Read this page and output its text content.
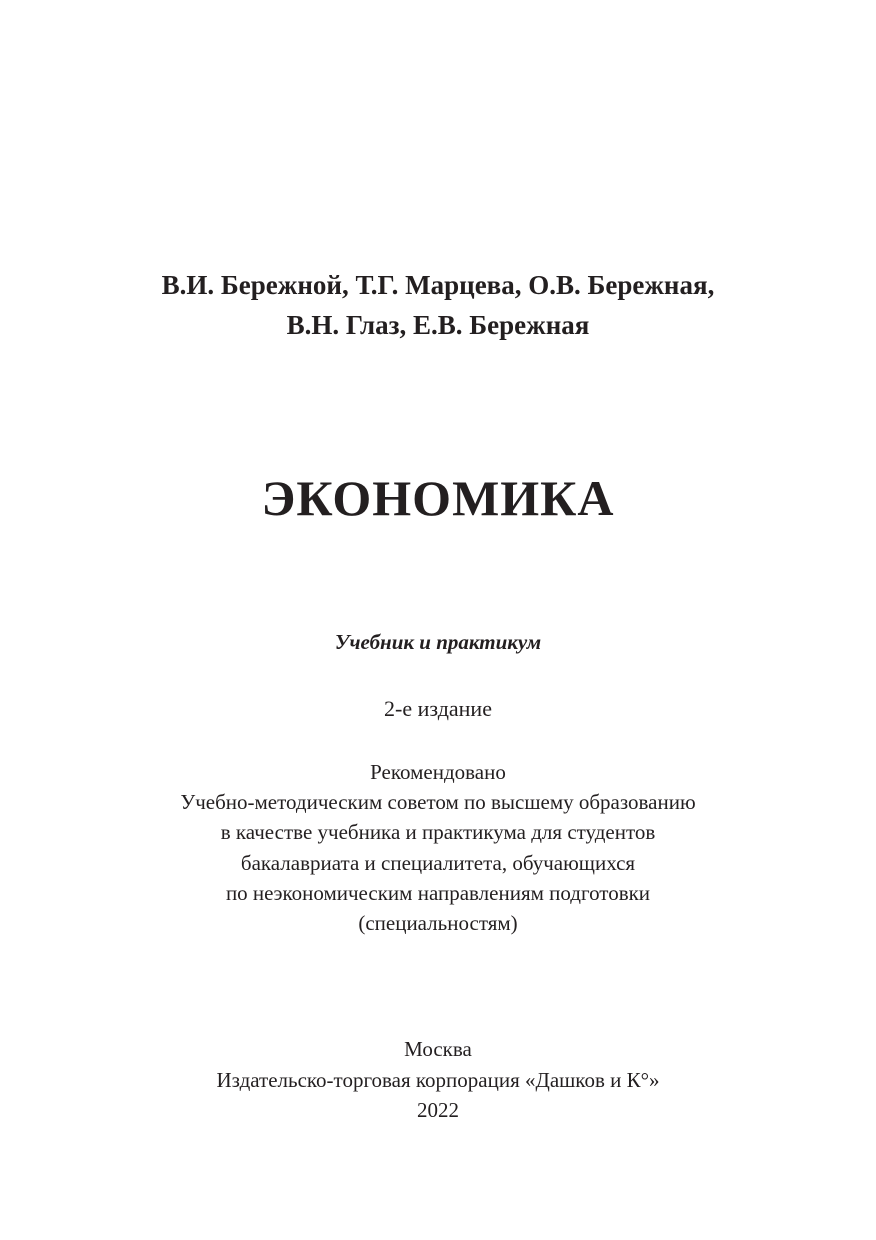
В.И. Бережной, Т.Г. Марцева, О.В. Бережная,

В.Н. Глаз, Е.В. Бережная

ЭКОНОМИКА

Учебник и практикум

2-е издание

Рекомендовано
Учебно-методическим советом по высшему образованию
в качестве учебника и практикума для студентов
бакалавриата и специалитета, обучающихся
по неэкономическим направлениям подготовки
(специальностям)
Москва
Издательско-торговая корпорация «Дашков и К°»
2022
